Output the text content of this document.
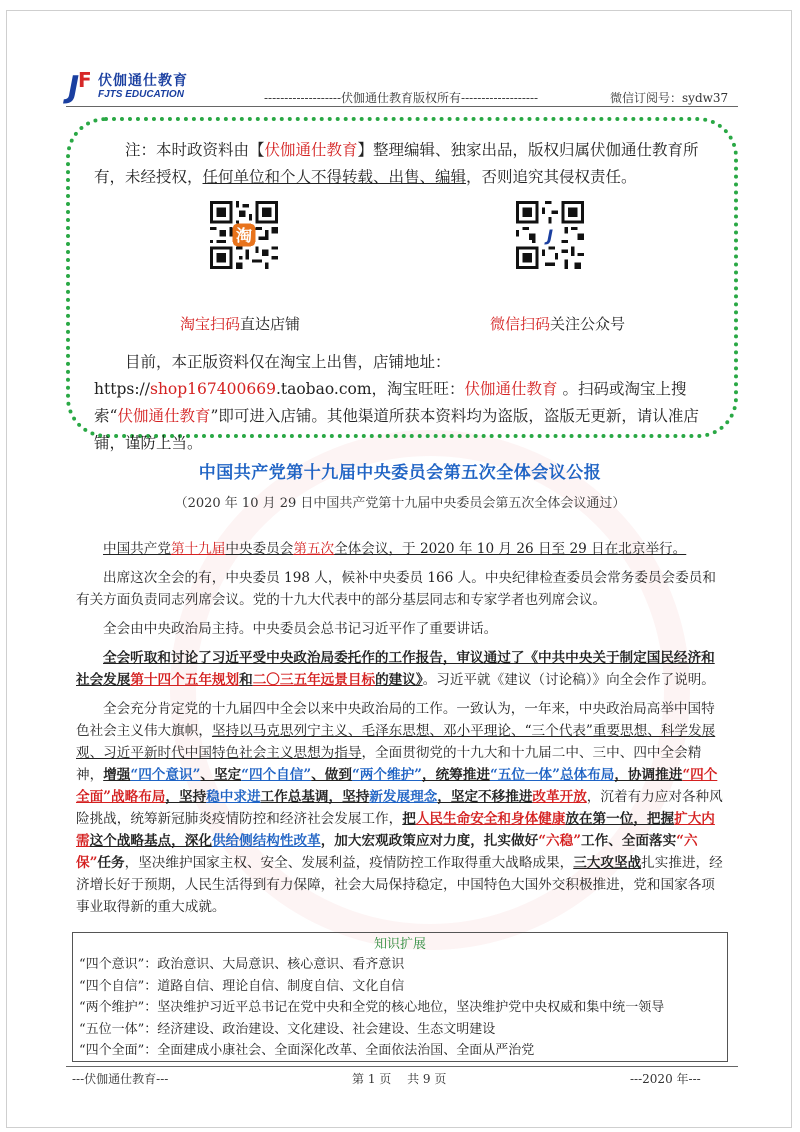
J
F 伏伽通仕教育
FJTS EDUCATION	-------------------伏伽通仕教育版权所有-------------------	微信订阅号：sydw37
注：本时政资料由【伏伽通仕教育】整理编辑、独家出品，版权归属伏伽通仕教育所有，未经授权，任何单位和个人不得转载、出售、编辑，否则追究其侵权责任。
淘	J
淘宝扫码直达店铺	微信扫码关注公众号
目前，本正版资料仅在淘宝上出售，店铺地址：https://shop167400669.taobao.com，淘宝旺旺：伏伽通仕教育 。扫码或淘宝上搜索“伏伽通仕教育”即可进入店铺。其他渠道所获本资料均为盗版，盗版无更新，请认准店铺，谨防上当。
中国共产党第十九届中央委员会第五次全体会议公报
（2020 年 10 月 29 日中国共产党第十九届中央委员会第五次全体会议通过）

中国共产党第十九届中央委员会第五次全体会议，于 2020 年 10 月 26 日至 29 日在北京举行。

出席这次全会的有，中央委员 198 人，候补中央委员 166 人。中央纪律检查委员会常务委员会委员和有关方面负责同志列席会议。党的十九大代表中的部分基层同志和专家学者也列席会议。

全会由中央政治局主持。中央委员会总书记习近平作了重要讲话。

全会听取和讨论了习近平受中央政治局委托作的工作报告，审议通过了《中共中央关于制定国民经济和社会发展第十四个五年规划和二〇三五年远景目标的建议》。习近平就《建议（讨论稿）》向全会作了说明。

全会充分肯定党的十九届四中全会以来中央政治局的工作。一致认为，一年来，中央政治局高举中国特色社会主义伟大旗帜，坚持以马克思列宁主义、毛泽东思想、邓小平理论、“三个代表”重要思想、科学发展观、习近平新时代中国特色社会主义思想为指导，全面贯彻党的十九大和十九届二中、三中、四中全会精神，增强“四个意识”、坚定“四个自信”、做到“两个维护”，统筹推进“五位一体”总体布局，协调推进“四个全面”战略布局，坚持稳中求进工作总基调，坚持新发展理念，坚定不移推进改革开放，沉着有力应对各种风险挑战，统筹新冠肺炎疫情防控和经济社会发展工作，把人民生命安全和身体健康放在第一位，把握扩大内需这个战略基点，深化供给侧结构性改革，加大宏观政策应对力度，扎实做好“六稳”工作、全面落实“六保”任务，坚决维护国家主权、安全、发展利益，疫情防控工作取得重大战略成果，三大攻坚战扎实推进，经济增长好于预期，人民生活得到有力保障，社会大局保持稳定，中国特色大国外交积极推进，党和国家各项事业取得新的重大成就。

知识扩展
“四个意识”：政治意识、大局意识、核心意识、看齐意识
“四个自信”：道路自信、理论自信、制度自信、文化自信
“两个维护”：坚决维护习近平总书记在党中央和全党的核心地位，坚决维护党中央权威和集中统一领导
“五位一体”：经济建设、政治建设、文化建设、社会建设、生态文明建设
“四个全面”：全面建成小康社会、全面深化改革、全面依法治国、全面从严治党
---伏伽通仕教育---	第 1 页　 共 9 页	---2020 年---
